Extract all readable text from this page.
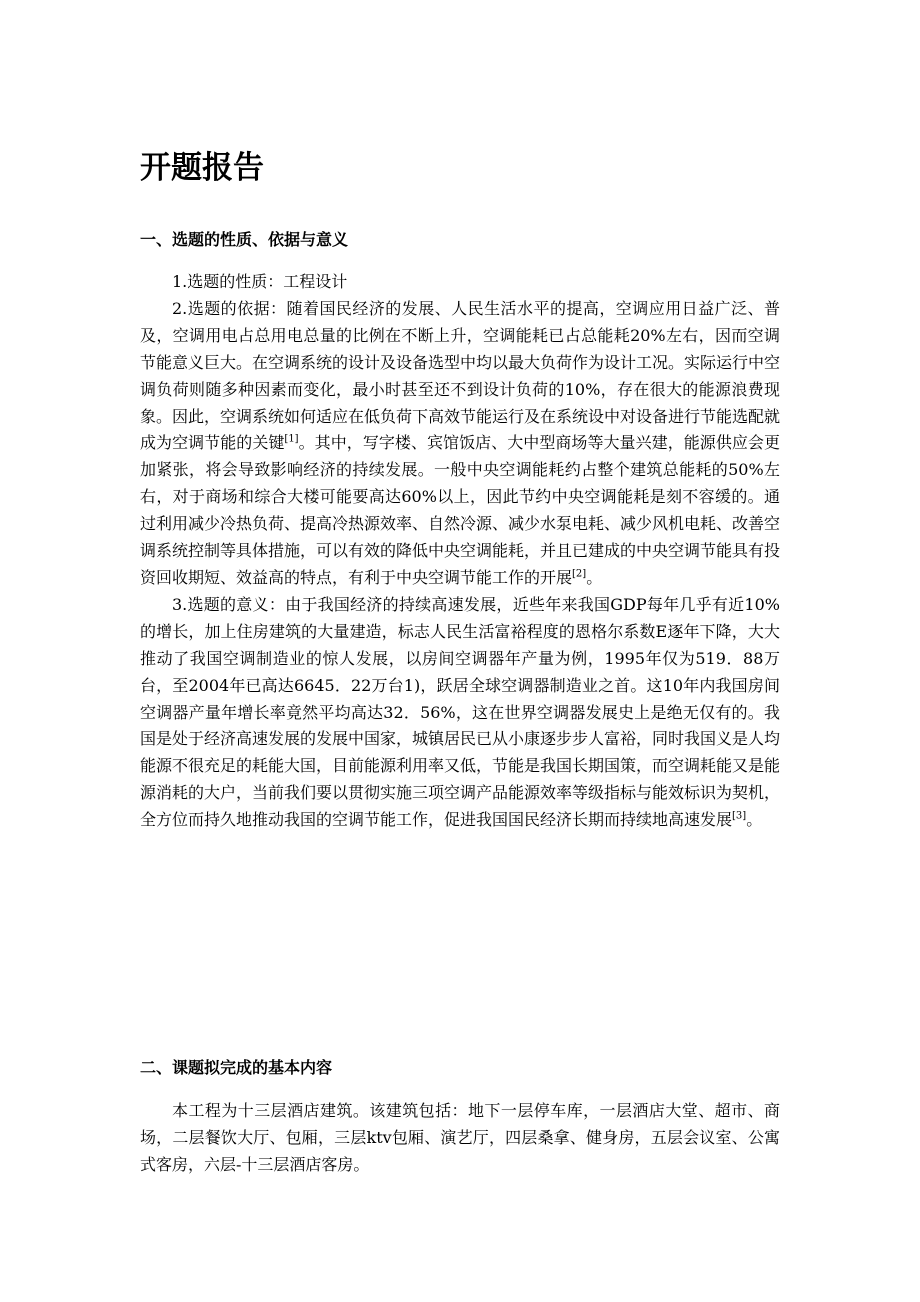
开题报告
一、选题的性质、依据与意义

1.选题的性质：工程设计

2.选题的依据：随着国民经济的发展、人民生活水平的提高，空调应用日益广泛、普及，空调用电占总用电总量的比例在不断上升，空调能耗已占总能耗20%左右，因而空调节能意义巨大。在空调系统的设计及设备选型中均以最大负荷作为设计工况。实际运行中空调负荷则随多种因素而变化，最小时甚至还不到设计负荷的10%，存在很大的能源浪费现象。因此，空调系统如何适应在低负荷下高效节能运行及在系统设中对设备进行节能选配就成为空调节能的关键[1]。其中，写字楼、宾馆饭店、大中型商场等大量兴建，能源供应会更加紧张，将会导致影响经济的持续发展。一般中央空调能耗约占整个建筑总能耗的50%左右，对于商场和综合大楼可能要高达60%以上，因此节约中央空调能耗是刻不容缓的。通过利用减少冷热负荷、提高冷热源效率、自然冷源、减少水泵电耗、减少风机电耗、改善空调系统控制等具体措施，可以有效的降低中央空调能耗，并且已建成的中央空调节能具有投资回收期短、效益高的特点，有利于中央空调节能工作的开展[2]。

3.选题的意义：由于我国经济的持续高速发展，近些年来我国GDP每年几乎有近10%的增长，加上住房建筑的大量建造，标志人民生活富裕程度的恩格尔系数E逐年下降，大大推动了我国空调制造业的惊人发展，以房间空调器年产量为例，1995年仅为519．88万台，至2004年已高达6645．22万台1)，跃居全球空调器制造业之首。这10年内我国房间空调器产量年增长率竟然平均高达32．56%，这在世界空调器发展史上是绝无仅有的。我国是处于经济高速发展的发展中国家，城镇居民已从小康逐步步人富裕，同时我国义是人均能源不很充足的耗能大国，目前能源利用率又低，节能是我国长期国策，而空调耗能又是能源消耗的大户，当前我们要以贯彻实施三项空调产品能源效率等级指标与能效标识为契机，全方位而持久地推动我国的空调节能工作，促进我国国民经济长期而持续地高速发展[3]。

二、课题拟完成的基本内容

本工程为十三层酒店建筑。该建筑包括：地下一层停车库，一层酒店大堂、超市、商场，二层餐饮大厅、包厢，三层ktv包厢、演艺厅，四层桑拿、健身房，五层会议室、公寓式客房，六层-十三层酒店客房。
